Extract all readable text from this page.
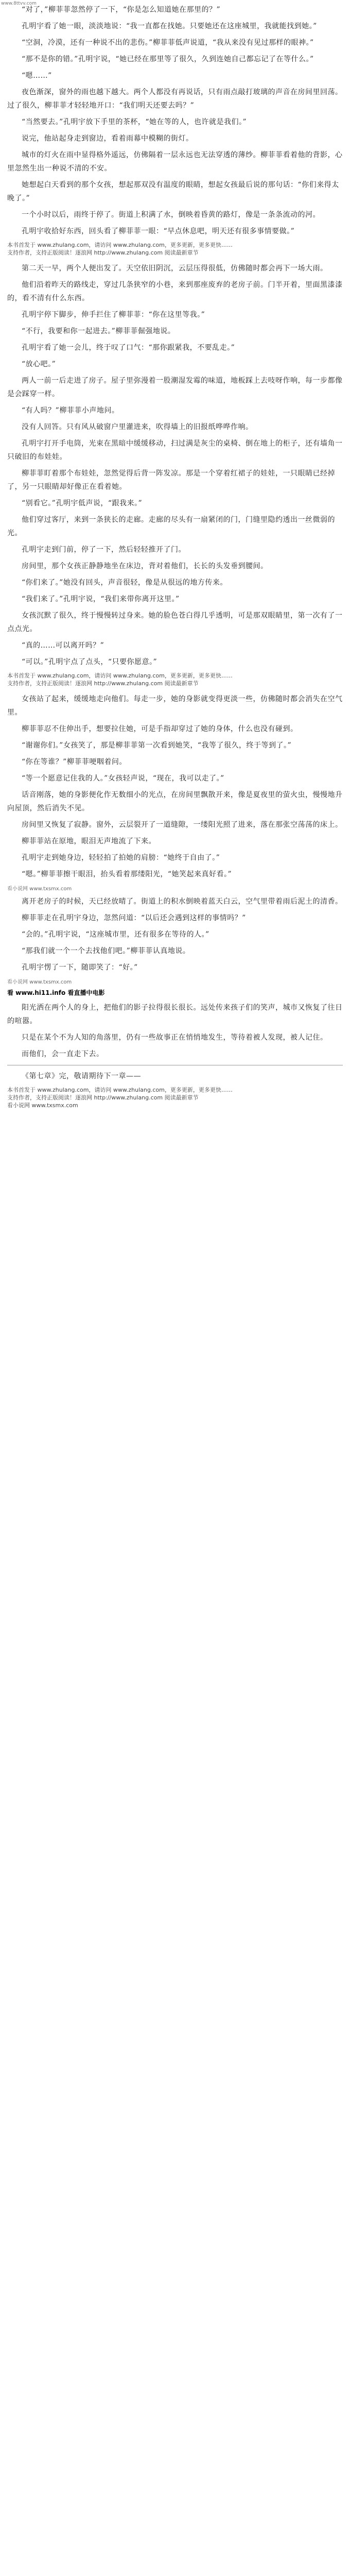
www.8ttvv.com

“对了，”柳菲菲忽然停了一下，“你是怎么知道她在那里的？”

孔明宇看了她一眼，淡淡地说：“我一直都在找她。只要她还在这座城里，我就能找到她。”

“空洞，冷漠，还有一种说不出的悲伤。”柳菲菲低声说道，“我从来没有见过那样的眼神。”

“那不是你的错。”孔明宇说，“她已经在那里等了很久，久到连她自己都忘记了在等什么。”

“嗯……”

夜色渐深，窗外的雨也越下越大。两个人都没有再说话，只有雨点敲打玻璃的声音在房间里回荡。过了很久，柳菲菲才轻轻地开口：“我们明天还要去吗？”

“当然要去。”孔明宇放下手里的茶杯，“她在等的人，也许就是我们。”

说完，他站起身走到窗边，看着雨幕中模糊的街灯。

城市的灯火在雨中显得格外遥远，仿佛隔着一层永远也无法穿透的薄纱。柳菲菲看着他的背影，心里忽然生出一种说不清的不安。

她想起白天看到的那个女孩，想起那双没有温度的眼睛，想起女孩最后说的那句话：“你们来得太晚了。”

一个小时以后，雨终于停了。街道上积满了水，倒映着昏黄的路灯，像是一条条流动的河。

孔明宇收拾好东西，回头看了柳菲菲一眼：“早点休息吧，明天还有很多事情要做。”

本书首发于 www.zhulang.com，请访问 www.zhulang.com，更多更新，更多更快……
支持作者，支持正版阅读！逐浪网 http://www.zhulang.com 阅读最新章节

第二天一早，两个人便出发了。天空依旧阴沉，云层压得很低，仿佛随时都会再下一场大雨。

他们沿着昨天的路线走，穿过几条狭窄的小巷，来到那座废弃的老房子前。门半开着，里面黑漆漆的，看不清有什么东西。

孔明宇停下脚步，伸手拦住了柳菲菲：“你在这里等我。”

“不行，我要和你一起进去。”柳菲菲倔强地说。

孔明宇看了她一会儿，终于叹了口气：“那你跟紧我，不要乱走。”

“放心吧。”

两人一前一后走进了房子。屋子里弥漫着一股潮湿发霉的味道，地板踩上去吱呀作响，每一步都像是会踩穿一样。

“有人吗？”柳菲菲小声地问。

没有人回答。只有风从破窗户里灌进来，吹得墙上的旧报纸哗哗作响。

孔明宇打开手电筒，光束在黑暗中缓缓移动，扫过满是灰尘的桌椅、倒在地上的柜子，还有墙角一只破旧的布娃娃。

柳菲菲盯着那个布娃娃，忽然觉得后背一阵发凉。那是一个穿着红裙子的娃娃，一只眼睛已经掉了，另一只眼睛却好像正在看着她。

“别看它。”孔明宇低声说，“跟我来。”

他们穿过客厅，来到一条狭长的走廊。走廊的尽头有一扇紧闭的门，门缝里隐约透出一丝微弱的光。

孔明宇走到门前，停了一下，然后轻轻推开了门。

房间里，那个女孩正静静地坐在床边，背对着他们，长长的头发垂到腰间。

“你们来了。”她没有回头，声音很轻，像是从很远的地方传来。

“我们来了。”孔明宇说，“我们来带你离开这里。”

女孩沉默了很久，终于慢慢转过身来。她的脸色苍白得几乎透明，可是那双眼睛里，第一次有了一点点光。

“真的……可以离开吗？”

“可以。”孔明宇点了点头，“只要你愿意。”

本书首发于 www.zhulang.com，请访问 www.zhulang.com，更多更新，更多更快……
支持作者，支持正版阅读！逐浪网 http://www.zhulang.com 阅读最新章节

女孩站了起来，缓缓地走向他们。每走一步，她的身影就变得更淡一些，仿佛随时都会消失在空气里。

柳菲菲忍不住伸出手，想要拉住她，可是手指却穿过了她的身体，什么也没有碰到。

“谢谢你们。”女孩笑了，那是柳菲菲第一次看到她笑，“我等了很久，终于等到了。”

“你在等谁？”柳菲菲哽咽着问。

“等一个愿意记住我的人。”女孩轻声说，“现在，我可以走了。”

话音刚落，她的身影便化作无数细小的光点，在房间里飘散开来，像是夏夜里的萤火虫，慢慢地升向屋顶，然后消失不见。

房间里又恢复了寂静。窗外，云层裂开了一道缝隙，一缕阳光照了进来，落在那张空荡荡的床上。

柳菲菲站在原地，眼泪无声地流了下来。

孔明宇走到她身边，轻轻拍了拍她的肩膀：“她终于自由了。”

“嗯。”柳菲菲擦干眼泪，抬头看着那缕阳光，“她笑起来真好看。”

看小说网 www.txsmx.com

离开老房子的时候，天已经放晴了。街道上的积水倒映着蓝天白云，空气里带着雨后泥土的清香。

柳菲菲走在孔明宇身边，忽然问道：“以后还会遇到这样的事情吗？”

“会的。”孔明宇说，“这座城市里，还有很多在等待的人。”

“那我们就一个一个去找他们吧。”柳菲菲认真地说。

孔明宇愣了一下，随即笑了：“好。”

看小说网 www.txsmx.com
看 www.hi11.info 看直播中电影

阳光洒在两个人的身上，把他们的影子拉得很长很长。远处传来孩子们的笑声，城市又恢复了往日的喧嚣。

只是在某个不为人知的角落里，仍有一些故事正在悄悄地发生，等待着被人发现，被人记住。

而他们，会一直走下去。

《第七章》完，敬请期待下一章——

本书首发于 www.zhulang.com，请访问 www.zhulang.com，更多更新，更多更快……
支持作者，支持正版阅读！逐浪网 http://www.zhulang.com 阅读最新章节
看小说网 www.txsmx.com
